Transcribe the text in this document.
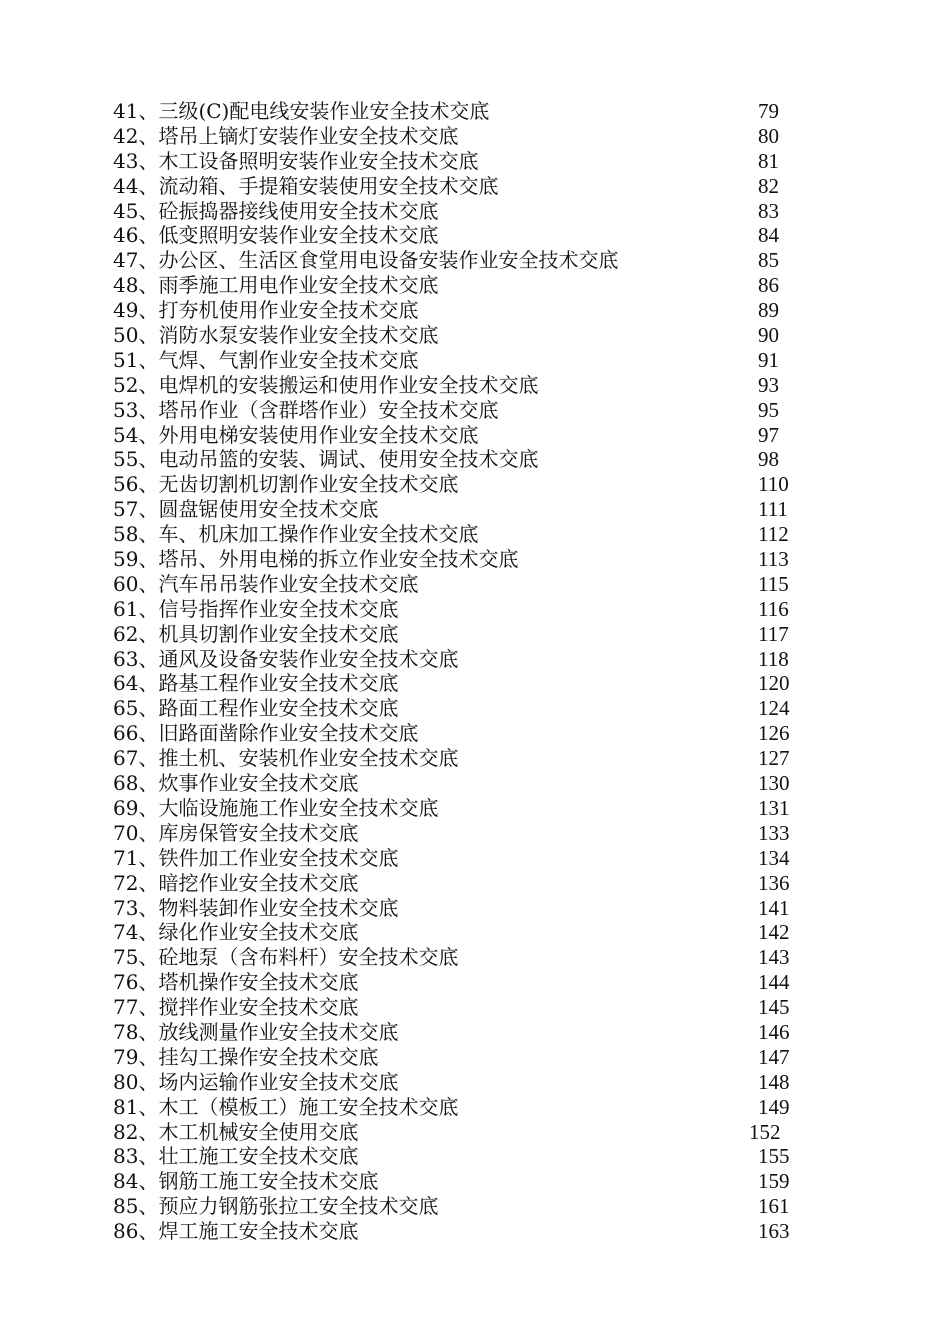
41、三级(C)配电线安装作业安全技术交底	79
42、塔吊上镝灯安装作业安全技术交底	80
43、木工设备照明安装作业安全技术交底	81
44、流动箱、手提箱安装使用安全技术交底	82
45、砼振捣器接线使用安全技术交底	83
46、低变照明安装作业安全技术交底	84
47、办公区、生活区食堂用电设备安装作业安全技术交底	85
48、雨季施工用电作业安全技术交底	86
49、打夯机使用作业安全技术交底	89
50、消防水泵安装作业安全技术交底	90
51、气焊、气割作业安全技术交底	91
52、电焊机的安装搬运和使用作业安全技术交底	93
53、塔吊作业（含群塔作业）安全技术交底	95
54、外用电梯安装使用作业安全技术交底	97
55、电动吊篮的安装、调试、使用安全技术交底	98
56、无齿切割机切割作业安全技术交底	110
57、圆盘锯使用安全技术交底	111
58、车、机床加工操作作业安全技术交底	112
59、塔吊、外用电梯的拆立作业安全技术交底	113
60、汽车吊吊装作业安全技术交底	115
61、信号指挥作业安全技术交底	116
62、机具切割作业安全技术交底	117
63、通风及设备安装作业安全技术交底	118
64、路基工程作业安全技术交底	120
65、路面工程作业安全技术交底	124
66、旧路面凿除作业安全技术交底	126
67、推土机、安装机作业安全技术交底	127
68、炊事作业安全技术交底	130
69、大临设施施工作业安全技术交底	131
70、库房保管安全技术交底	133
71、铁件加工作业安全技术交底	134
72、暗挖作业安全技术交底	136
73、物料装卸作业安全技术交底	141
74、绿化作业安全技术交底	142
75、砼地泵（含布料杆）安全技术交底	143
76、塔机操作安全技术交底	144
77、搅拌作业安全技术交底	145
78、放线测量作业安全技术交底	146
79、挂勾工操作安全技术交底	147
80、场内运输作业安全技术交底	148
81、木工（模板工）施工安全技术交底	149
82、木工机械安全使用交底	152
83、壮工施工安全技术交底	155
84、钢筋工施工安全技术交底	159
85、预应力钢筋张拉工安全技术交底	161
86、焊工施工安全技术交底	163
